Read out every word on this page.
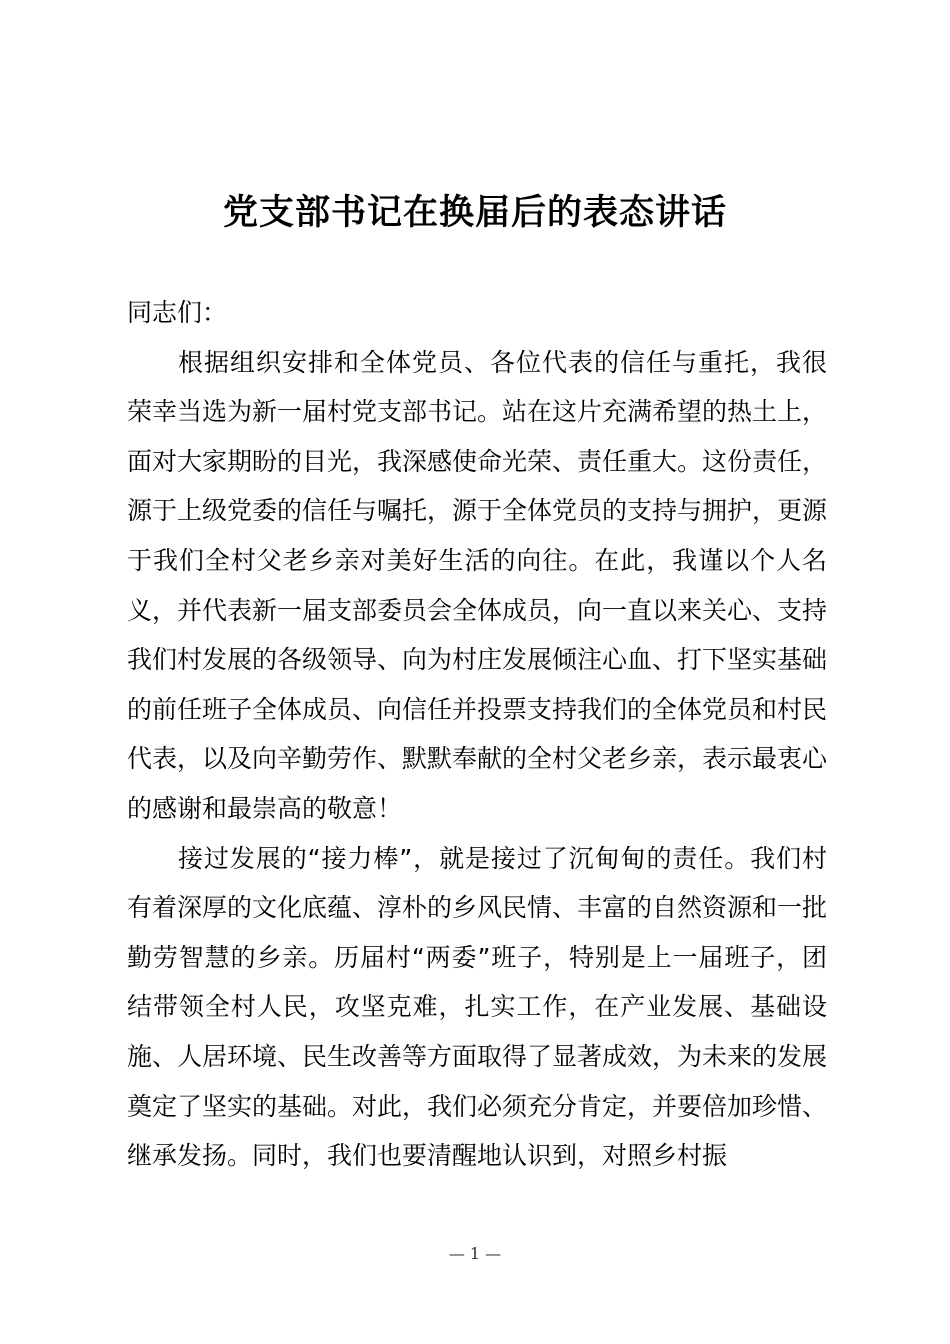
党支部书记在换届后的表态讲话

同志们：

根据组织安排和全体党员、各位代表的信任与重托，我很荣幸当选为新一届村党支部书记。站在这片充满希望的热土上，面对大家期盼的目光，我深感使命光荣、责任重大。这份责任，源于上级党委的信任与嘱托，源于全体党员的支持与拥护，更源于我们全村父老乡亲对美好生活的向往。在此，我谨以个人名义，并代表新一届支部委员会全体成员，向一直以来关心、支持我们村发展的各级领导、向为村庄发展倾注心血、打下坚实基础的前任班子全体成员、向信任并投票支持我们的全体党员和村民代表，以及向辛勤劳作、默默奉献的全村父老乡亲，表示最衷心的感谢和最崇高的敬意！

接过发展的“接力棒”，就是接过了沉甸甸的责任。我们村有着深厚的文化底蕴、淳朴的乡风民情、丰富的自然资源和一批勤劳智慧的乡亲。历届村“两委”班子，特别是上一届班子，团结带领全村人民，攻坚克难，扎实工作，在产业发展、基础设施、人居环境、民生改善等方面取得了显著成效，为未来的发展奠定了坚实的基础。对此，我们必须充分肯定，并要倍加珍惜、继承发扬。同时，我们也要清醒地认识到，对照乡村振

— 1 —
